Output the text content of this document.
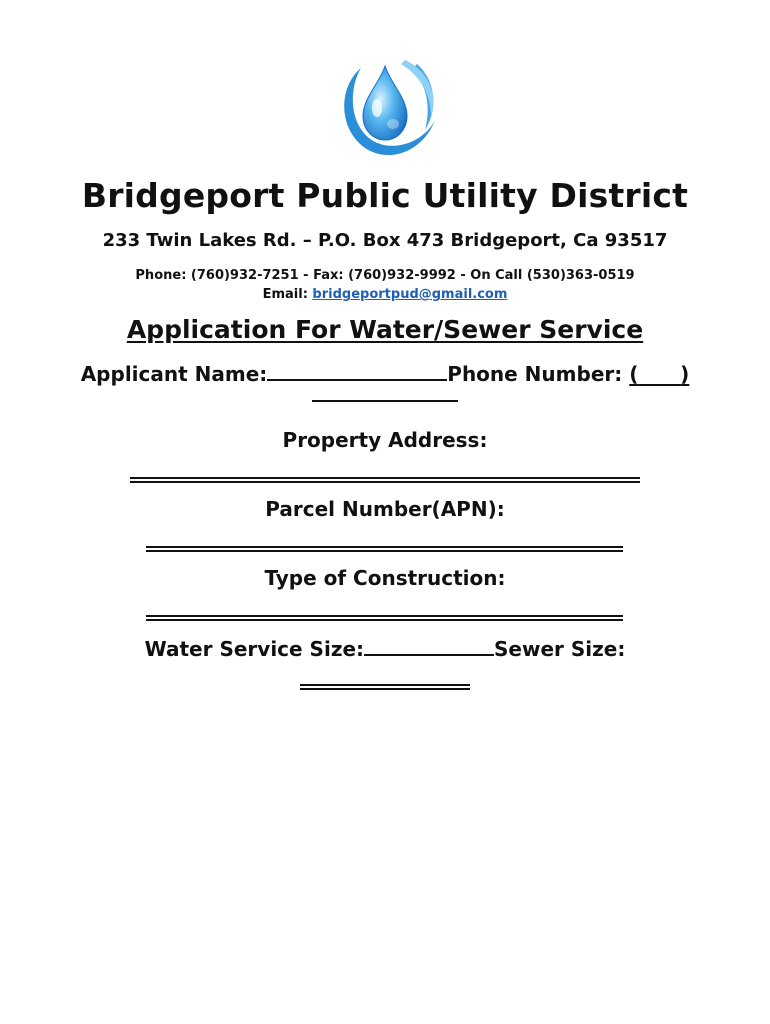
Bridgeport Public Utility District
233 Twin Lakes Rd. – P.O. Box 473 Bridgeport, Ca 93517
Phone: (760)932-7251 - Fax: (760)932-9992 - On Call (530)363-0519
Email: bridgeportpud@gmail.com
Application For Water/Sewer Service
Applicant Name:	Phone Number: ( )
Property Address:
Parcel Number(APN):
Type of Construction:
Water Service Size:	Sewer Size:
